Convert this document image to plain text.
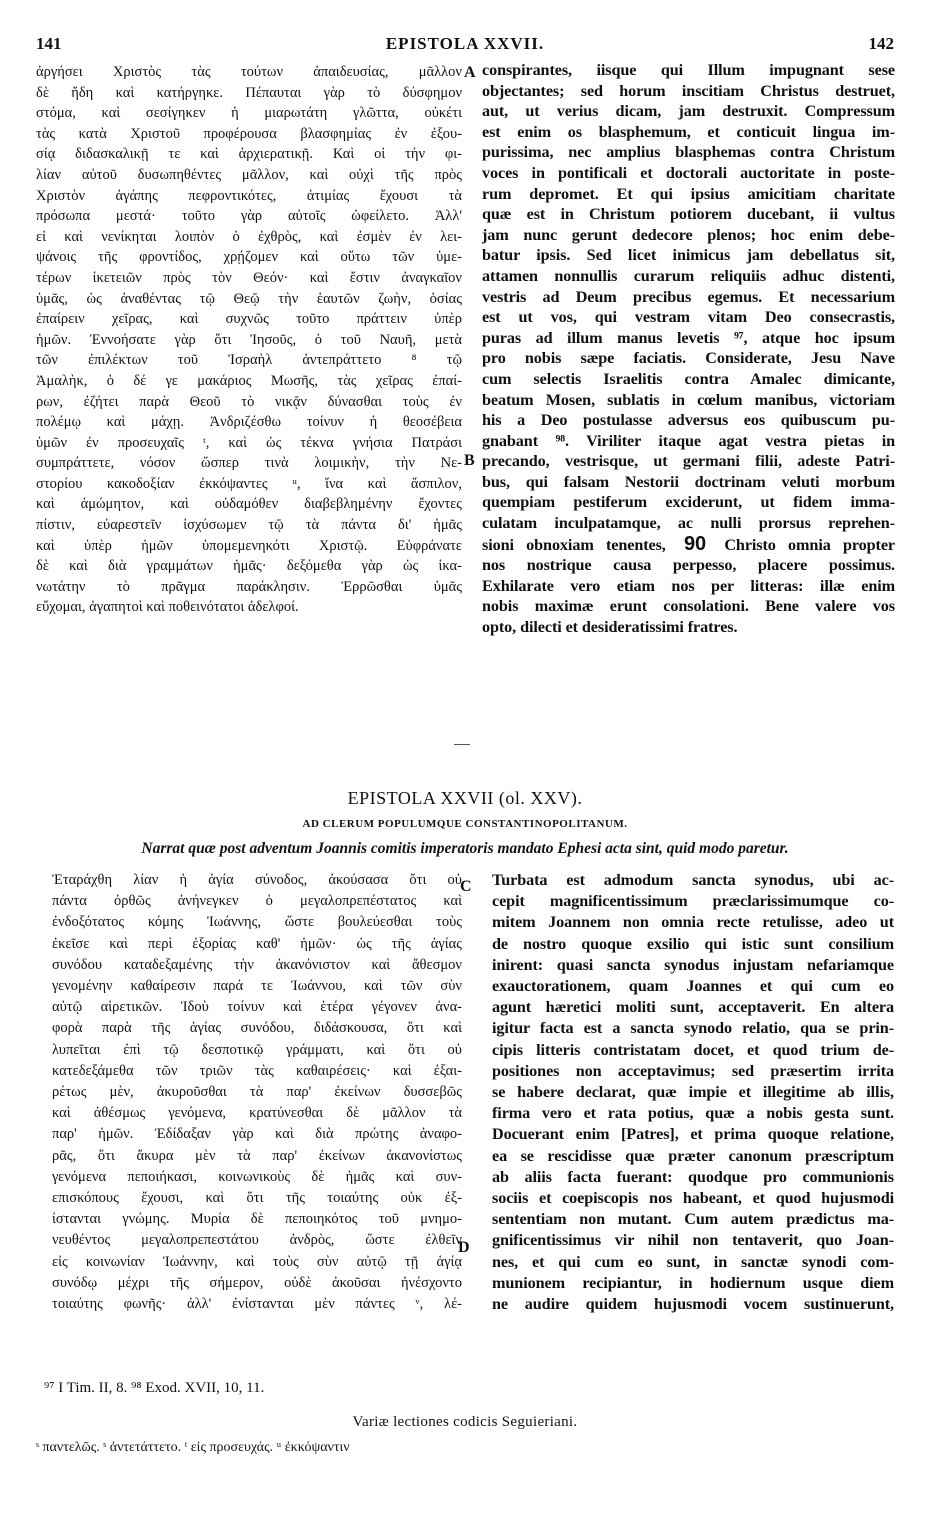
141	EPISTOLA XXVII.	142
ἀργήσει Χριστὸς τὰς τούτων ἀπαιδευσίας, μᾶλλον
δὲ ἤδη καὶ κατήργηκε. Πέπαυται γὰρ τὸ δύσφημον
στόμα, καὶ σεσίγηκεν ἡ μιαρωτάτη γλῶττα, οὐκέτι
τὰς κατὰ Χριστοῦ προφέρουσα βλασφημίας ἐν ἐξου-
σίᾳ διδασκαλικῇ τε καὶ ἀρχιερατικῇ. Καὶ οἱ τὴν φι-
λίαν αὐτοῦ δυσωπηθέντες μᾶλλον, καὶ οὐχὶ τῆς πρὸς
Χριστὸν ἀγάπης πεφροντικότες, ἀτιμίας ἔχουσι τὰ
πρόσωπα μεστά· τοῦτο γὰρ αὐτοῖς ὠφείλετο. Ἀλλ'
εἰ καὶ νενίκηται λοιπὸν ὁ ἐχθρὸς, καὶ ἐσμὲν ἐν λει-
ψάνοις τῆς φροντίδος, χρῄζομεν καὶ οὕτω τῶν ὑμε-
τέρων ἱκετειῶν πρὸς τὸν Θεόν· καὶ ἔστιν ἀναγκαῖον
ὑμᾶς, ὡς ἀναθέντας τῷ Θεῷ τὴν ἑαυτῶν ζωὴν, ὁσίας
ἐπαίρειν χεῖρας, καὶ συχνῶς τοῦτο πράττειν ὑπὲρ
ἡμῶν. Ἐννοήσατε γὰρ ὅτι Ἰησοῦς, ὁ τοῦ Ναυῆ, μετὰ
τῶν ἐπιλέκτων τοῦ Ἰσραὴλ ἀντεπράττετο ⁸ τῷ
Ἀμαλὴκ, ὁ δέ γε μακάριος Μωσῆς, τὰς χεῖρας ἐπαί-
ρων, ἐζήτει παρὰ Θεοῦ τὸ νικᾷν δύνασθαι τοὺς ἐν
πολέμῳ καὶ μάχῃ. Ἀνδριζέσθω τοίνυν ἡ θεοσέβεια
ὑμῶν ἐν προσευχαῖς ᵗ, καὶ ὡς τέκνα γνήσια Πατράσι
συμπράττετε, νόσον ὥσπερ τινὰ λοιμικὴν, τὴν Νε-
στορίου κακοδοξίαν ἐκκόψαντες ᵘ, ἵνα καὶ ἄσπιλον,
καὶ ἀμώμητον, καὶ οὐδαμόθεν διαβεβλημένην ἔχοντες
πίστιν, εὐαρεστεῖν ἰσχύσωμεν τῷ τὰ πάντα δι' ἡμᾶς
καὶ ὑπὲρ ἡμῶν ὑπομεμενηκότι Χριστῷ. Εὐφράνατε
δὲ καὶ διὰ γραμμάτων ἡμᾶς· δεξόμεθα γὰρ ὡς ἱκα-
νωτάτην τὸ πρᾶγμα παράκλησιν. Ἐρρῶσθαι ὑμᾶς
εὔχομαι, ἀγαπητοὶ καὶ ποθεινότατοι ἀδελφοί.
conspirantes, iisque qui Illum impugnant sese
objectantes; sed horum inscitiam Christus destruet,
aut, ut verius dicam, jam destruxit. Compressum
est enim os blasphemum, et conticuit lingua im-
purissima, nec amplius blasphemas contra Christum
voces in pontificali et doctorali auctoritate in poste-
rum depromet. Et qui ipsius amicitiam charitate
quæ est in Christum potiorem ducebant, ii vultus
jam nunc gerunt dedecore plenos; hoc enim debe-
batur ipsis. Sed licet inimicus jam debellatus sit,
attamen nonnullis curarum reliquiis adhuc distenti,
vestris ad Deum precibus egemus. Et necessarium
est ut vos, qui vestram vitam Deo consecrastis,
puras ad illum manus levetis ⁹⁷, atque hoc ipsum
pro nobis sæpe faciatis. Considerate, Jesu Nave
cum selectis Israelitis contra Amalec dimicante,
beatum Mosen, sublatis in cœlum manibus, victoriam
his a Deo postulasse adversus eos quibuscum pu-
gnabant ⁹⁸. Viriliter itaque agat vestra pietas in
precando, vestrisque, ut germani filii, adeste Patri-
bus, qui falsam Nestorii doctrinam veluti morbum
quempiam pestiferum exciderunt, ut fidem imma-
culatam inculpatamque, ac nulli prorsus reprehen-
sioni obnoxiam tenentes, 90 Christo omnia propter
nos nostrique causa perpesso, placere possimus.
Exhilarate vero etiam nos per litteras: illæ enim
nobis maximæ erunt consolationi. Bene valere vos
opto, dilecti et desideratissimi fratres.
A
B
EPISTOLA XXVII (ol. XXV).
AD CLERUM POPULUMQUE CONSTANTINOPOLITANUM.
Narrat quæ post adventum Joannis comitis imperatoris mandato Ephesi acta sint, quid modo paretur.
Ἐταράχθη λίαν ἡ ἁγία σύνοδος, ἀκούσασα ὅτι οὐ
πάντα ὀρθῶς ἀνήνεγκεν ὁ μεγαλοπρεπέστατος καὶ
ἐνδοξότατος κόμης Ἰωάννης, ὥστε βουλεύεσθαι τοὺς
ἐκεῖσε καὶ περὶ ἐξορίας καθ' ἡμῶν· ὡς τῆς ἁγίας
συνόδου καταδεξαμένης τὴν ἀκανόνιστον καὶ ἄθεσμον
γενομένην καθαίρεσιν παρά τε Ἰωάννου, καὶ τῶν σὺν
αὐτῷ αἱρετικῶν. Ἰδοὺ τοίνυν καὶ ἑτέρα γέγονεν ἀνα-
φορὰ παρὰ τῆς ἁγίας συνόδου, διδάσκουσα, ὅτι καὶ
λυπεῖται ἐπὶ τῷ δεσποτικῷ γράμματι, καὶ ὅτι οὐ
κατεδεξάμεθα τῶν τριῶν τὰς καθαιρέσεις· καὶ ἐξαι-
ρέτως μὲν, ἀκυροῦσθαι τὰ παρ' ἐκείνων δυσσεβῶς
καὶ ἀθέσμως γενόμενα, κρατύνεσθαι δὲ μᾶλλον τὰ
παρ' ἡμῶν. Ἐδίδαξαν γὰρ καὶ διὰ πρώτης ἀναφο-
ρᾶς, ὅτι ἄκυρα μὲν τὰ παρ' ἐκείνων ἀκανονίστως
γενόμενα πεποιήκασι, κοινωνικοὺς δὲ ἡμᾶς καὶ συν-
επισκόπους ἔχουσι, καὶ ὅτι τῆς τοιαύτης οὐκ ἐξ-
ίστανται γνώμης. Μυρία δὲ πεποιηκότος τοῦ μνημο-
νευθέντος μεγαλοπρεπεστάτου ἀνδρὸς, ὥστε ἐλθεῖν
εἰς κοινωνίαν Ἰωάννην, καὶ τοὺς σὺν αὐτῷ τῇ ἁγίᾳ
συνόδῳ μέχρι τῆς σήμερον, οὐδὲ ἀκοῦσαι ἠνέσχοντο
τοιαύτης φωνῆς· ἀλλ' ἐνίστανται μὲν πάντες ᵛ, λέ-
Turbata est admodum sancta synodus, ubi ac-
cepit magnificentissimum præclarissimumque co-
mitem Joannem non omnia recte retulisse, adeo ut
de nostro quoque exsilio qui istic sunt consilium
inirent: quasi sancta synodus injustam nefariamque
exauctorationem, quam Joannes et qui cum eo
agunt hæretici moliti sunt, acceptaverit. En altera
igitur facta est a sancta synodo relatio, qua se prin-
cipis litteris contristatam docet, et quod trium de-
positiones non acceptavimus; sed præsertim irrita
se habere declarat, quæ impie et illegitime ab illis,
firma vero et rata potius, quæ a nobis gesta sunt.
Docuerant enim [Patres], et prima quoque relatione,
ea se rescidisse quæ præter canonum præscriptum
ab aliis facta fuerant: quodque pro communionis
sociis et coepiscopis nos habeant, et quod hujusmodi
sententiam non mutant. Cum autem prædictus ma-
gnificentissimus vir nihil non tentaverit, quo Joan-
nes, et qui cum eo sunt, in sanctæ synodi com-
munionem recipiantur, in hodiernum usque diem
ne audire quidem hujusmodi vocem sustinuerunt,
C
D
⁹⁷ I Tim. II, 8. ⁹⁸ Exod. XVII, 10, 11.
Variæ lectiones codicis Seguieriani.
ˢ παντελῶς. ˢ ἀντετάττετο. ᵗ εἰς προσευχάς. ᵘ ἐκκόψαντιν
